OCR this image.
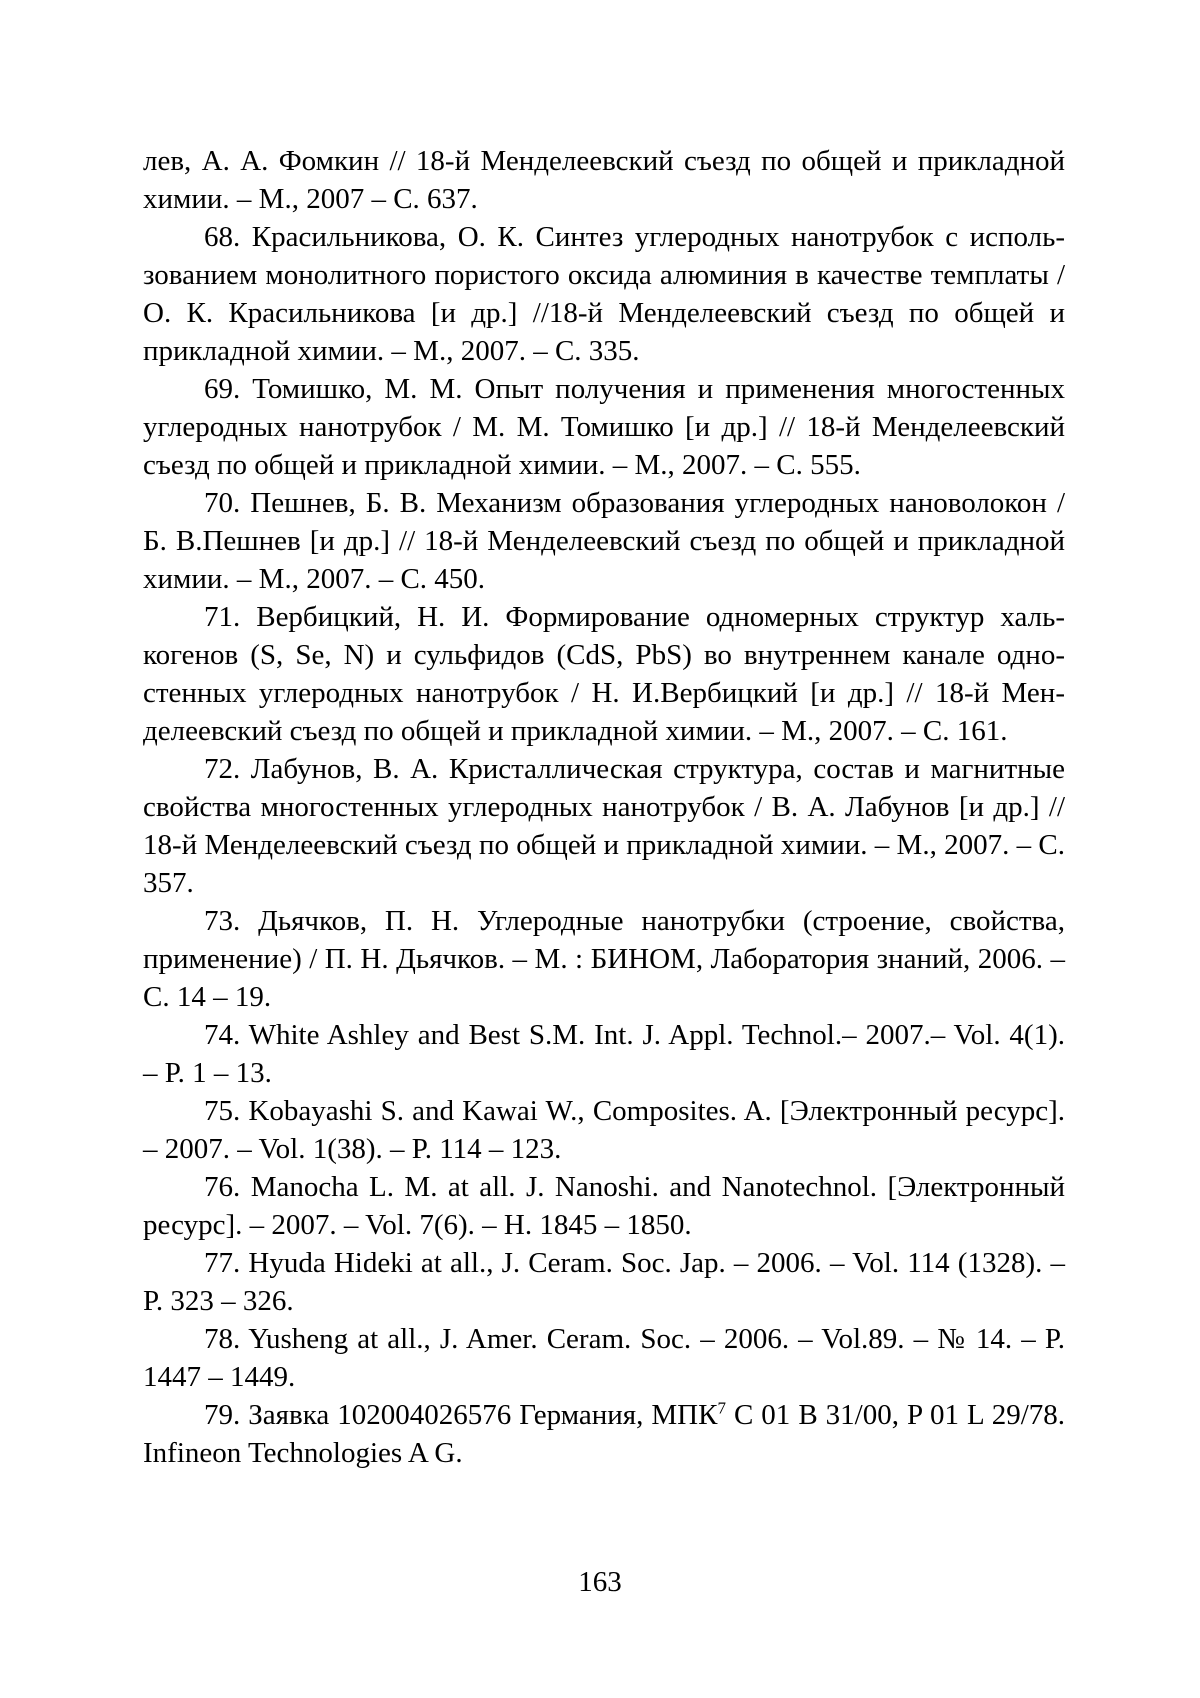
лев, А. А. Фомкин // 18-й Менделеевский съезд по общей и прикладной химии. – М., 2007 – С. 637.

68. Красильникова, О. К. Синтез углеродных нанотрубок с использованием монолитного пористого оксида алюминия в качестве темплаты / О. К. Красильникова [и др.] //18-й Менделеевский съезд по общей и прикладной химии. – М., 2007. – С. 335.

69. Томишко, М. М. Опыт получения и применения многостенных углеродных нанотрубок / М. М. Томишко [и др.] // 18-й Менделеевский съезд по общей и прикладной химии. – М., 2007. – С. 555.

70. Пешнев, Б. В. Механизм образования углеродных нановолокон / Б. В.Пешнев [и др.] // 18-й Менделеевский съезд по общей и прикладной химии. – М., 2007. – С. 450.

71. Вербицкий, Н. И. Формирование одномерных структур халькогенов (S, Se, N) и сульфидов (CdS, PbS) во внутреннем канале одностенных углеродных нанотрубок / Н. И.Вербицкий [и др.] // 18-й Менделеевский съезд по общей и прикладной химии. – М., 2007. – С. 161.

72. Лабунов, В. А. Кристаллическая структура, состав и магнитные свойства многостенных углеродных нанотрубок / В. А. Лабунов [и др.] // 18-й Менделеевский съезд по общей и прикладной химии. – М., 2007. – С. 357.

73. Дьячков, П. Н. Углеродные нанотрубки (строение, свойства, применение) / П. Н. Дьячков. – М. : БИНОМ, Лаборатория знаний, 2006. – С. 14 – 19.

74. White Ashley and Best S.M. Int. J. Appl. Technol.– 2007.– Vol. 4(1). – P. 1 – 13.

75. Kobayashi S. and Kawai W., Composites. A. [Электронный ресурс]. – 2007. – Vol. 1(38). – P. 114 – 123.

76. Manocha L. M. at all. J. Nanoshi. and Nanotechnol. [Электронный ресурс]. – 2007. – Vol. 7(6). – H. 1845 – 1850.

77. Hyuda Hideki at all., J. Ceram. Soc. Jap. – 2006. – Vol. 114 (1328). – P. 323 – 326.

78. Yusheng at all., J. Amer. Ceram. Soc. – 2006. – Vol.89. – № 14. – P. 1447 – 1449.

79. Заявка 102004026576 Германия, МПК$^7$ C 01 B 31/00, P 01 L 29/78. Infineon Technologies A G.

163
